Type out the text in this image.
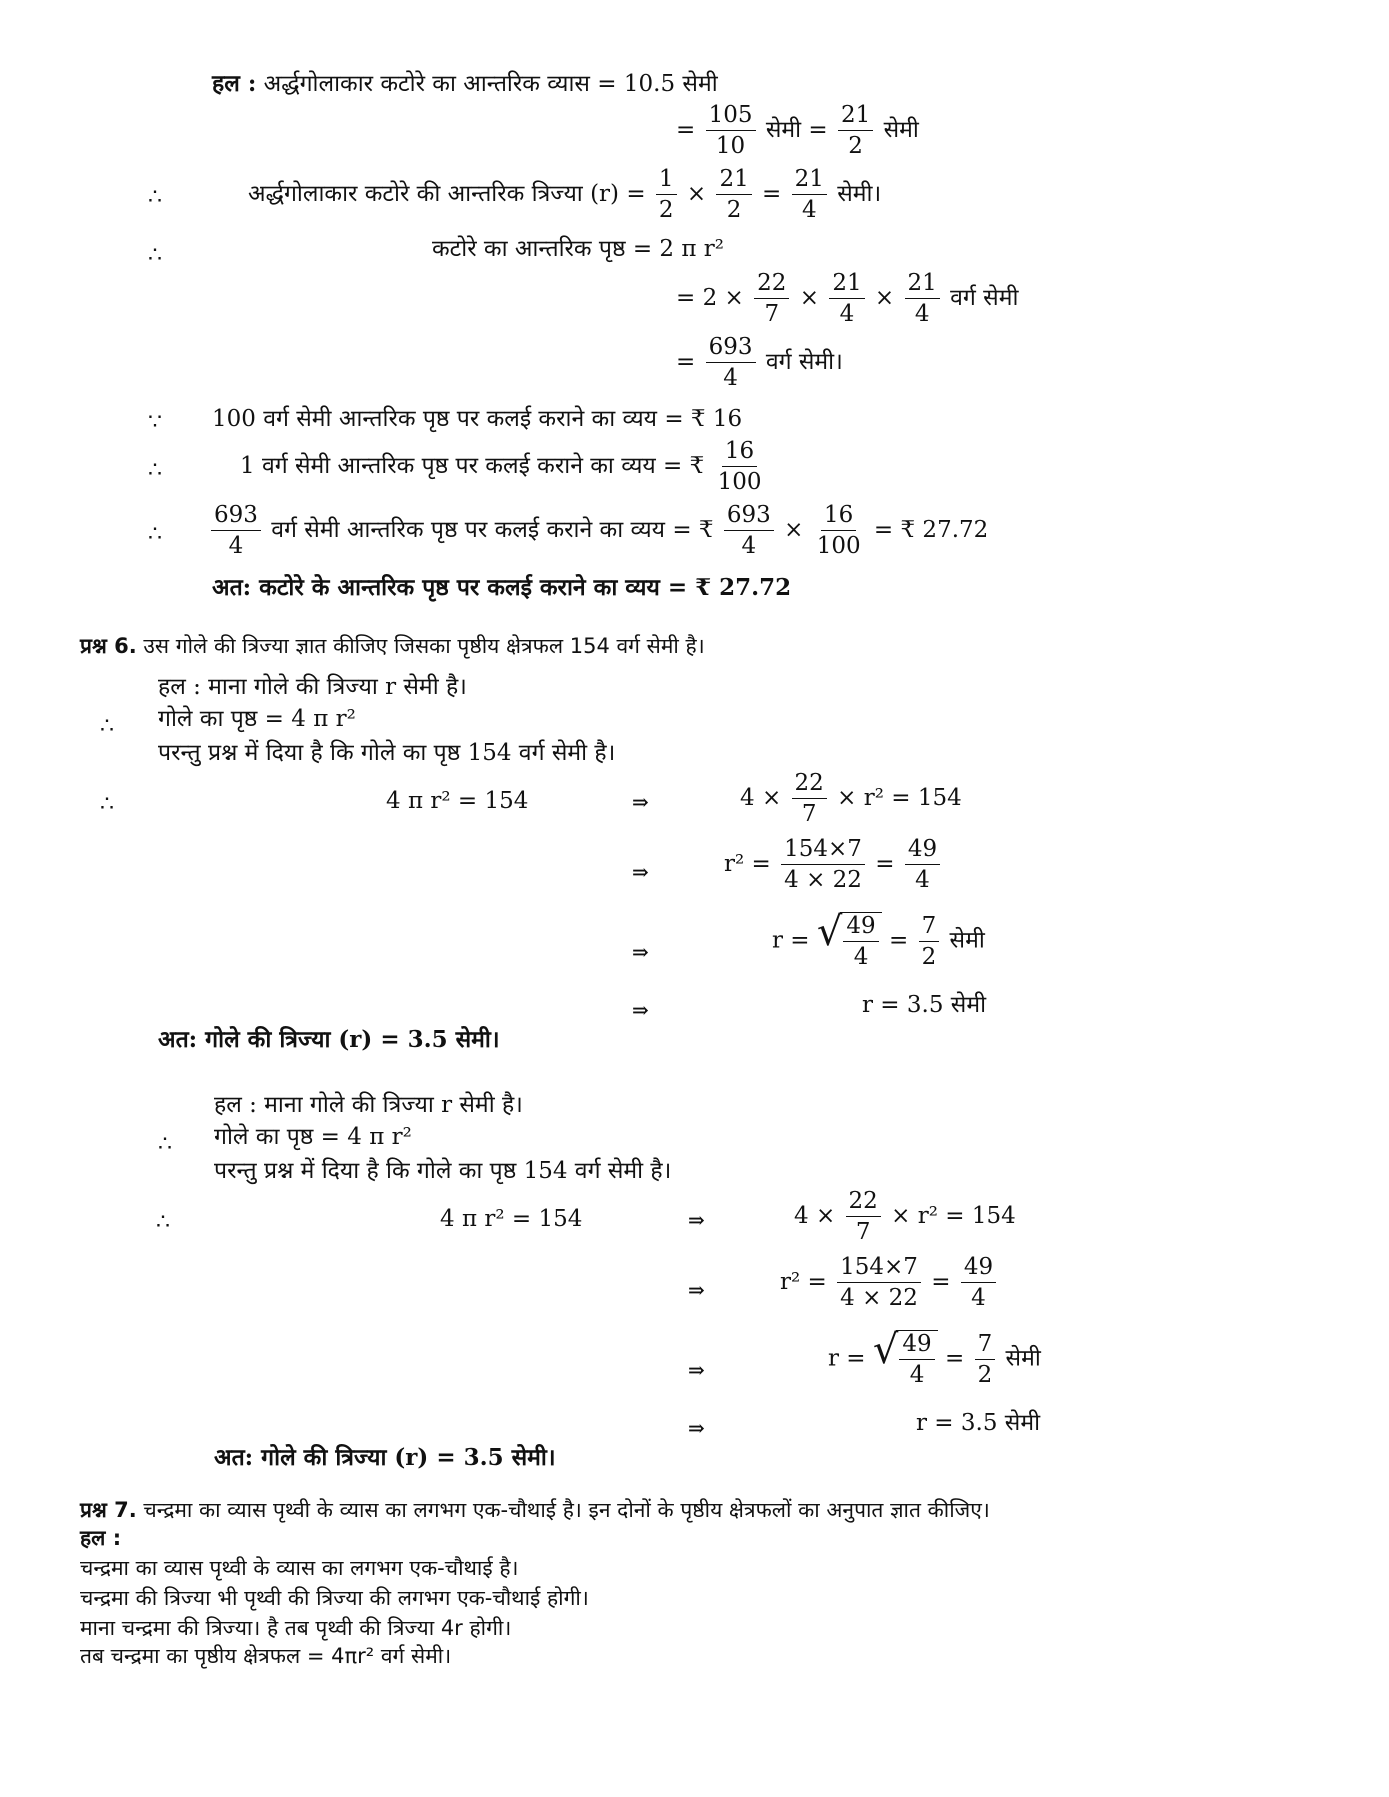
हल : अर्द्धगोलाकार कटोरे का आन्तरिक व्यास = 10.5 सेमी
= $\frac{105}{10}$ सेमी = $\frac{21}{2}$ सेमी
∴	अर्द्धगोलाकार कटोरे की आन्तरिक त्रिज्या $(r) = \frac{1}{2} \times \frac{21}{2} = \frac{21}{4}$ सेमी।
∴	कटोरे का आन्तरिक पृष्ठ = 2 π r²
= $2 \times \frac{22}{7} \times \frac{21}{4} \times \frac{21}{4}$ वर्ग सेमी
= $\frac{693}{4}$ वर्ग सेमी।
∵ 100 वर्ग सेमी आन्तरिक पृष्ठ पर कलई कराने का व्यय = ₹ 16
∴	1 वर्ग सेमी आन्तरिक पृष्ठ पर कलई कराने का व्यय = ₹ $\frac{16}{100}$
∴ $\frac{693}{4}$ वर्ग सेमी आन्तरिक पृष्ठ पर कलई कराने का व्यय = ₹ $\frac{693}{4} \times \frac{16}{100}$ = ₹ 27.72
अत: कटोरे के आन्तरिक पृष्ठ पर कलई कराने का व्यय = ₹ 27.72
प्रश्न 6. उस गोले की त्रिज्या ज्ञात कीजिए जिसका पृष्ठीय क्षेत्रफल 154 वर्ग सेमी है।
हल : माना गोले की त्रिज्या r सेमी है।
∴ गोले का पृष्ठ = 4 π r²
परन्तु प्रश्न में दिया है कि गोले का पृष्ठ 154 वर्ग सेमी है।
∴	4 π r² = 154	⇒	$4 \times \frac{22}{7} \times r^2 = 154$
⇒	$r^2 = \frac{154\times 7}{4 \times 22} = \frac{49}{4}$
⇒	r = √ $\frac{49}{4} = \frac{7}{2}$ सेमी
⇒	r = 3.5 सेमी
अत: गोले की त्रिज्या (r) = 3.5 सेमी।
हल : माना गोले की त्रिज्या r सेमी है।
∴ गोले का पृष्ठ = 4 π r²
परन्तु प्रश्न में दिया है कि गोले का पृष्ठ 154 वर्ग सेमी है।
∴	4 π r² = 154	⇒	$4 \times \frac{22}{7} \times r^2 = 154$
⇒	$r^2 = \frac{154\times 7}{4 \times 22} = \frac{49}{4}$
⇒	r = √ $\frac{49}{4} = \frac{7}{2}$ सेमी
⇒	r = 3.5 सेमी
अत: गोले की त्रिज्या (r) = 3.5 सेमी।
प्रश्न 7. चन्द्रमा का व्यास पृथ्वी के व्यास का लगभग एक-चौथाई है। इन दोनों के पृष्ठीय क्षेत्रफलों का अनुपात ज्ञात कीजिए।
हल :
चन्द्रमा का व्यास पृथ्वी के व्यास का लगभग एक-चौथाई है।
चन्द्रमा की त्रिज्या भी पृथ्वी की त्रिज्या की लगभग एक-चौथाई होगी।
माना चन्द्रमा की त्रिज्या। है तब पृथ्वी की त्रिज्या 4r होगी।
तब चन्द्रमा का पृष्ठीय क्षेत्रफल = 4πr² वर्ग सेमी।
